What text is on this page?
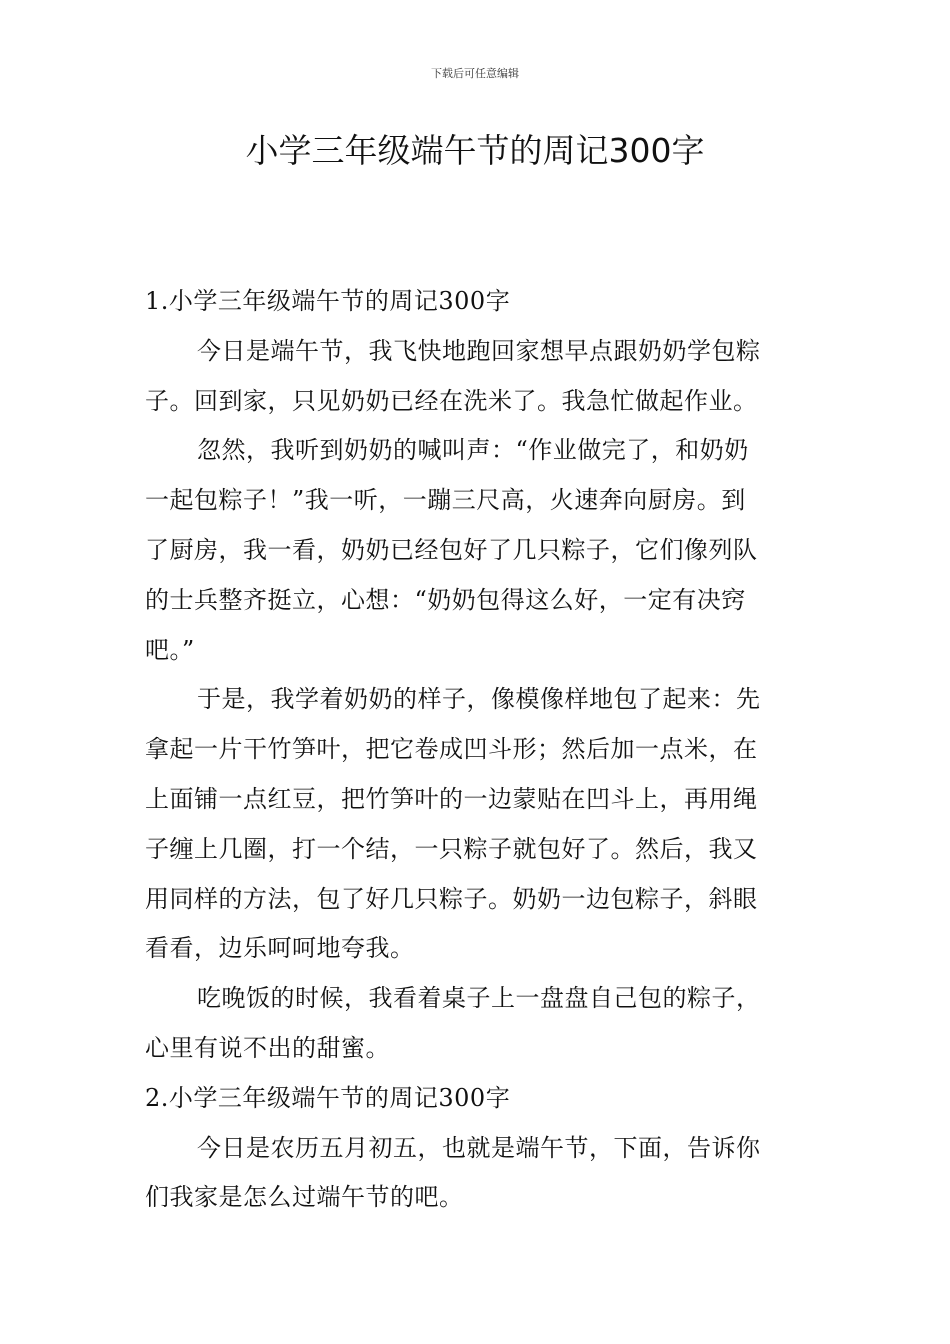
下载后可任意编辑
小学三年级端午节的周记300字
1.小学三年级端午节的周记300字
今日是端午节，我飞快地跑回家想早点跟奶奶学包粽
子。回到家，只见奶奶已经在洗米了。我急忙做起作业。
忽然，我听到奶奶的喊叫声：“作业做完了，和奶奶
一起包粽子！”我一听，一蹦三尺高，火速奔向厨房。到
了厨房，我一看，奶奶已经包好了几只粽子，它们像列队
的士兵整齐挺立，心想：“奶奶包得这么好，一定有决窍
吧。”
于是，我学着奶奶的样子，像模像样地包了起来：先
拿起一片干竹笋叶，把它卷成凹斗形；然后加一点米，在
上面铺一点红豆，把竹笋叶的一边蒙贴在凹斗上，再用绳
子缠上几圈，打一个结，一只粽子就包好了。然后，我又
用同样的方法，包了好几只粽子。奶奶一边包粽子，斜眼
看看，边乐呵呵地夸我。
吃晚饭的时候，我看着桌子上一盘盘自己包的粽子，
心里有说不出的甜蜜。
2.小学三年级端午节的周记300字
今日是农历五月初五，也就是端午节，下面，告诉你
们我家是怎么过端午节的吧。
